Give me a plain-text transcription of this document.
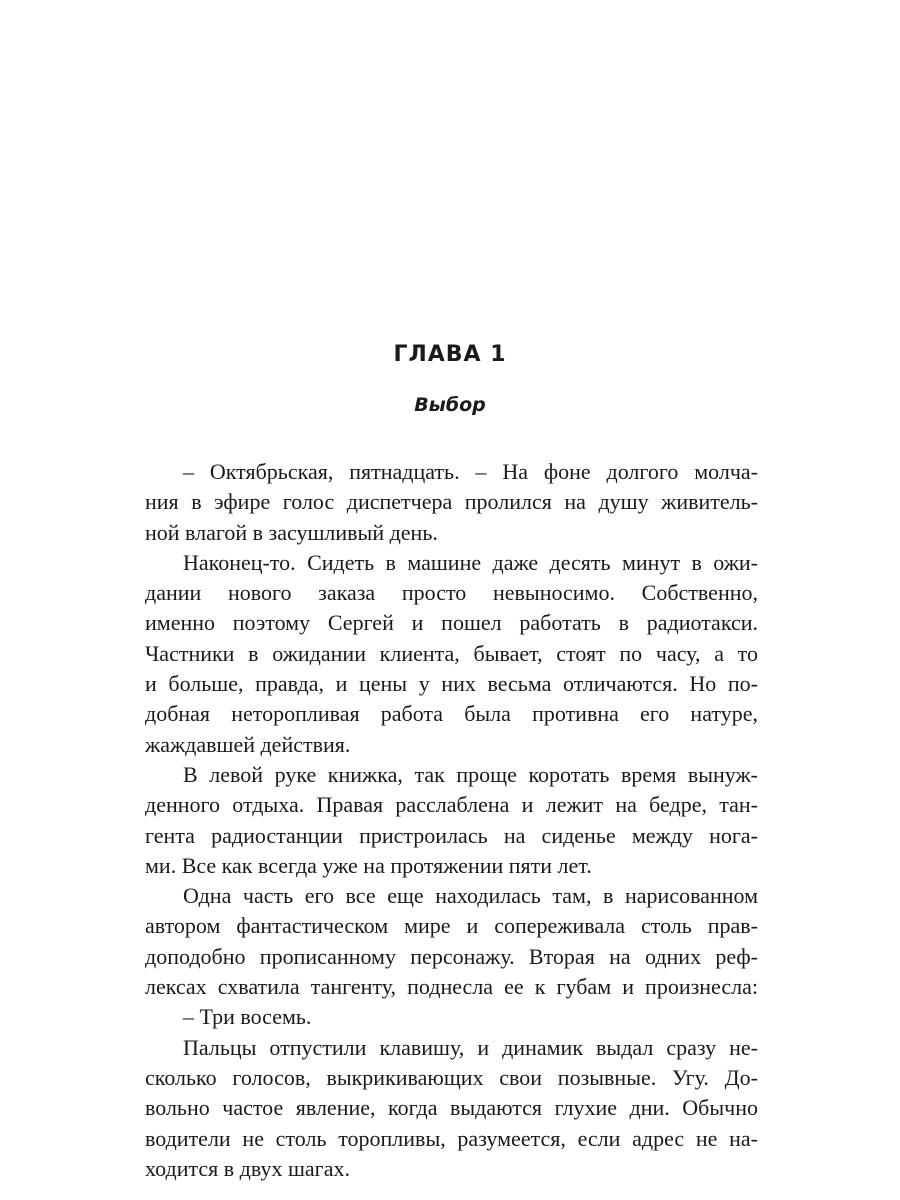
ГЛАВА 1
Выбор
– Октябрьская, пятнадцать. – На фоне долгого молча-
ния в эфире голос диспетчера пролился на душу живитель-
ной влагой в засушливый день.
Наконец-то. Сидеть в машине даже десять минут в ожи-
дании нового заказа просто невыносимо. Собственно,
именно поэтому Сергей и пошел работать в радиотакси.
Частники в ожидании клиента, бывает, стоят по часу, а то
и больше, правда, и цены у них весьма отличаются. Но по-
добная неторопливая работа была противна его натуре,
жаждавшей действия.
В левой руке книжка, так проще коротать время вынуж-
денного отдыха. Правая расслаблена и лежит на бедре, тан-
гента радиостанции пристроилась на сиденье между нога-
ми. Все как всегда уже на протяжении пяти лет.
Одна часть его все еще находилась там, в нарисованном
автором фантастическом мире и сопереживала столь прав-
доподобно прописанному персонажу. Вторая на одних реф-
лексах схватила тангенту, поднесла ее к губам и произнесла:
– Три восемь.
Пальцы отпустили клавишу, и динамик выдал сразу не-
сколько голосов, выкрикивающих свои позывные. Угу. До-
вольно частое явление, когда выдаются глухие дни. Обычно
водители не столь торопливы, разумеется, если адрес не на-
ходится в двух шагах.
